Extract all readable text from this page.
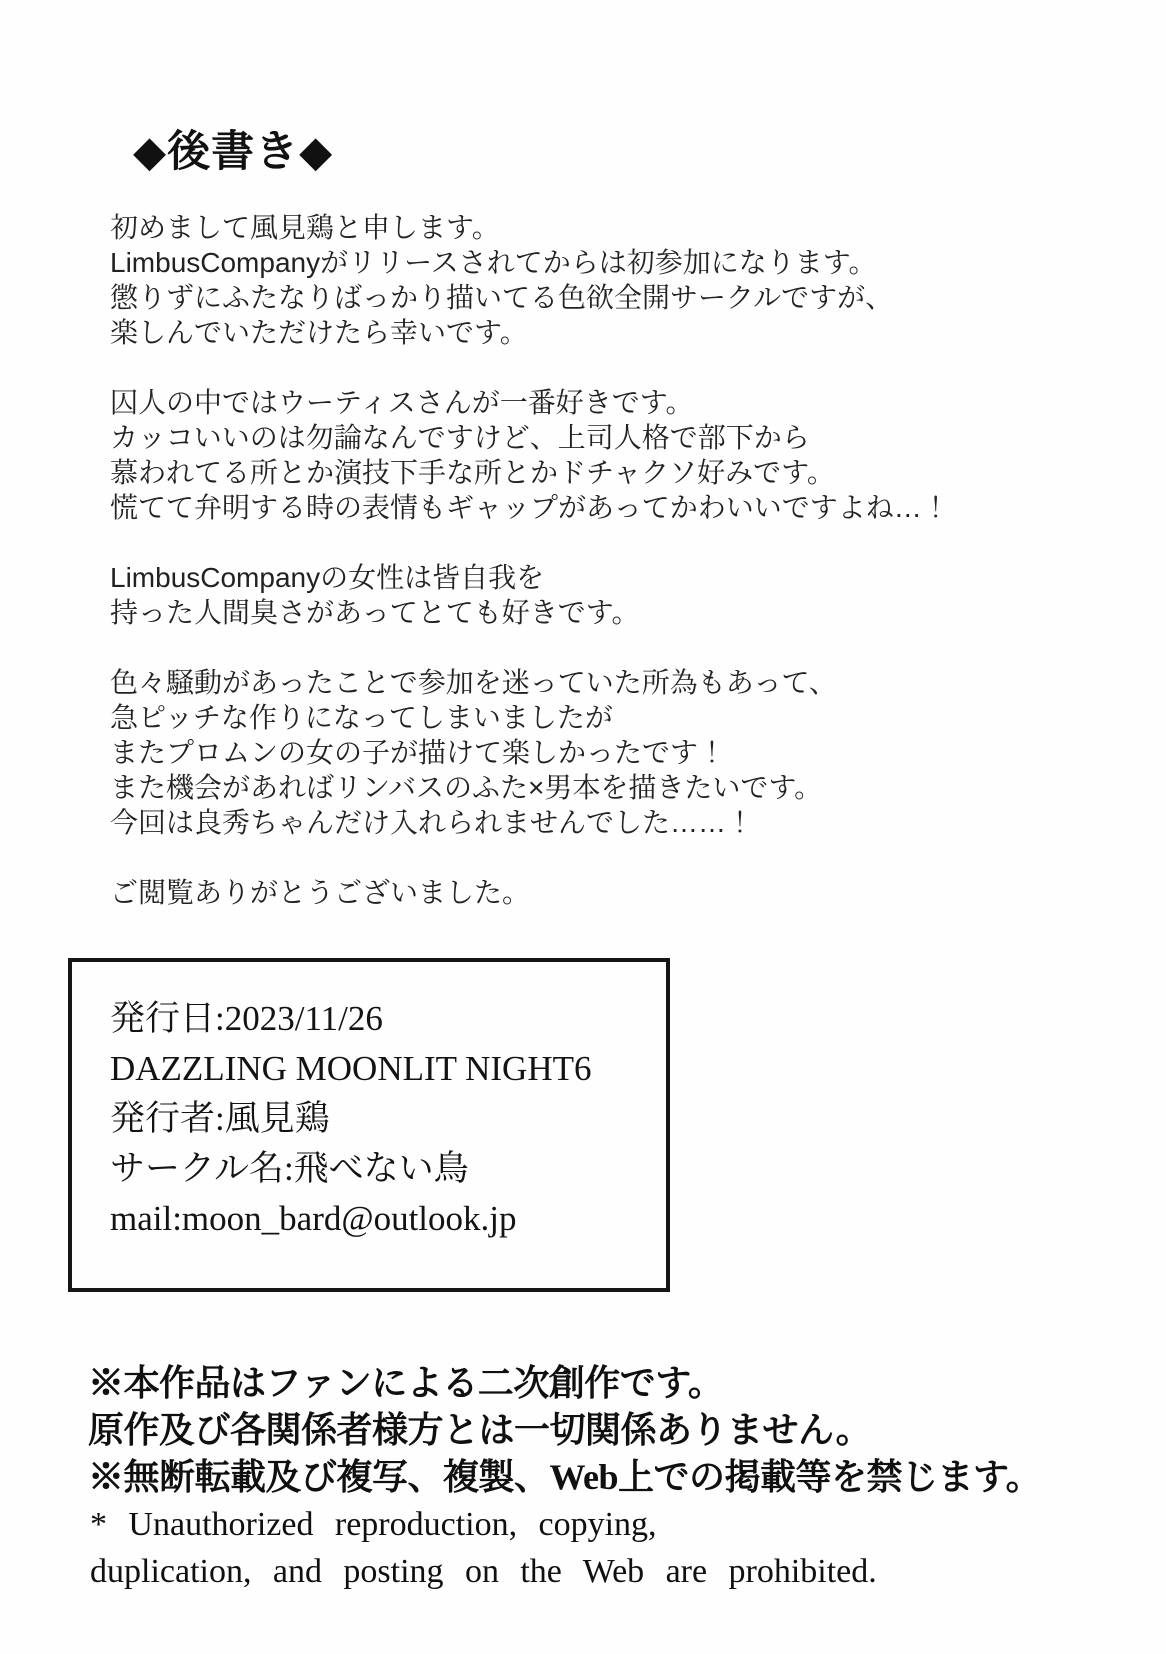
◆後書き◆

初めまして風見鶏と申します。
LimbusCompanyがリリースされてからは初参加になります。
懲りずにふたなりばっかり描いてる色欲全開サークルですが、
楽しんでいただけたら幸いです。

囚人の中ではウーティスさんが一番好きです。
カッコいいのは勿論なんですけど、上司人格で部下から
慕われてる所とか演技下手な所とかドチャクソ好みです。
慌てて弁明する時の表情もギャップがあってかわいいですよね…！

LimbusCompanyの女性は皆自我を
持った人間臭さがあってとても好きです。

色々騒動があったことで参加を迷っていた所為もあって、
急ピッチな作りになってしまいましたが
またプロムンの女の子が描けて楽しかったです！
また機会があればリンバスのふた×男本を描きたいです。
今回は良秀ちゃんだけ入れられませんでした……！

ご閲覧ありがとうございました。

発行日:2023/11/26
DAZZLING MOONLIT NIGHT6
発行者:風見鶏
サークル名:飛べない鳥
mail:moon_bard@outlook.jp
※本作品はファンによる二次創作です。
原作及び各関係者様方とは一切関係ありません。
※無断転載及び複写、複製、Web上での掲載等を禁じます。
* Unauthorized reproduction, copying,
duplication, and posting on the Web are prohibited.
